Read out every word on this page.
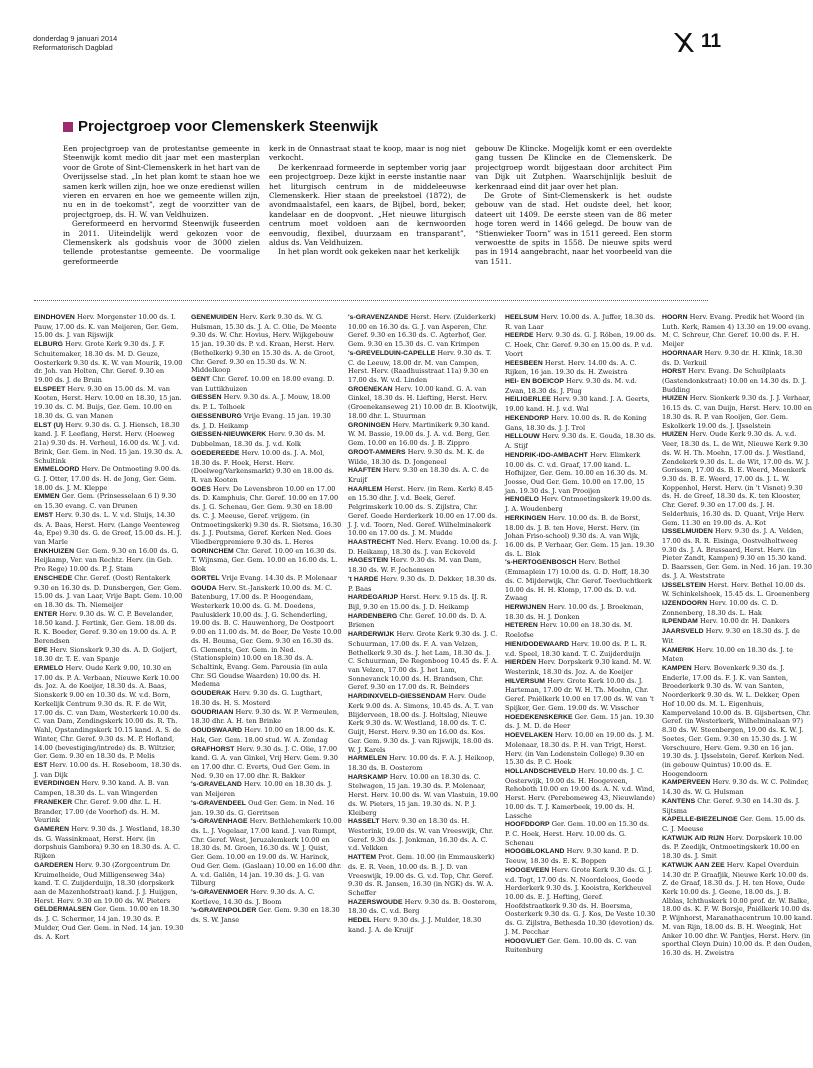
donderdag 9 januari 2014
Reformatorisch Dagblad	11
Projectgroep voor Clemenskerk Steenwijk

Een projectgroep van de protestantse gemeente in Steenwijk komt medio dit jaar met een masterplan voor de Grote of Sint-Clemenskerk in het hart van de Overijsselse stad. „In het plan komt te staan hoe we samen kerk willen zijn, hoe we onze eredienst willen vieren en ervaren en hoe we gemeente willen zijn, nu en in de toekomst”, zegt de voorzitter van de projectgroep, ds. H. W. van Veldhuizen.

Gereformeerd en hervormd Steenwijk fuseerden in 2011. Uiteindelijk werd gekozen voor de Clemenskerk als godshuis voor de 3000 zielen tellende protestantse gemeente. De voormalige gereformeerde

kerk in de Onnastraat staat te koop, maar is nog niet verkocht.

De kerkenraad formeerde in september vorig jaar een projectgroep. Deze kijkt in eerste instantie naar het liturgisch centrum in de middeleeuwse Clemenskerk. Hier staan de preekstoel (1872), de avondmaalstafel, een kaars, de Bijbel, bord, beker, kandelaar en de doopvont. „Het nieuwe liturgisch centrum moet voldoen aan de kernwoorden eenvoudig, flexibel, duurzaam en transparant”, aldus ds. Van Veldhuizen.

In het plan wordt ook gekeken naar het kerkelijk

gebouw De Klincke. Mogelijk komt er een overdekte gang tussen De Klincke en de Clemenskerk. De projectgroep wordt bijgestaan door architect Pim van Dijk uit Zutphen. Waarschijnlijk besluit de kerkenraad eind dit jaar over het plan.

De Grote of Sint-Clemenskerk is het oudste gebouw van de stad. Het oudste deel, het koor, dateert uit 1409. De eerste steen van de 86 meter hoge toren werd in 1466 gelegd. De bouw van de “Stienwieker Toorn” was in 1511 gereed. Een storm verwoestte de spits in 1558. De nieuwe spits werd pas in 1914 aangebracht, naar het voorbeeld van die van 1511.

EINDHOVEN Herv. Morgenster 10.00 ds. I. Pauw, 17.00 ds. K. van Meijeren, Ger. Gem. 15.00 ds. J. van Rijswijk
ELBURG Herv. Grote Kerk 9.30 ds. J. F. Schuitemaker, 18.30 ds. M. D. Geuze, Oosterkerk 9.30 ds. K. W. van Mourik, 19.00 dr. Joh. van Holten, Chr. Geref. 9.30 en 19.00 ds. J. de Bruin
ELSPEET Herv. 9.30 en 15.00 ds. M. van Kooten, Herst. Herv. 10.00 en 18.30, 15 jan. 19.30 ds. C. M. Buijs, Ger. Gem. 10.00 en 18.30 ds. G. van Manen
ELST (U) Herv. 9.30 ds. G. J. Hiensch, 18.30 kand. J. F. Leeflang, Herst. Herv. (Hoeweg 21a) 9.30 ds. H. Verheul, 16.00 ds. W. J. v.d. Brink, Ger. Gem. in Ned. 15 jan. 19.30 ds. A. Schultink
EMMELOORD Herv. De Ontmoeting 9.00 ds. G. J. Otter, 17.00 ds. H. de Jong, Ger. Gem. 18.00 ds. J. M. Kleppe
EMMEN Ger. Gem. (Prinsesselaan 6 I) 9.30 en 15.30 evang. C. van Drunen
EMST Herv. 9.30 ds. L. V. v.d. Sluijs, 14.30 ds. A. Baas, Herst. Herv. (Lange Veenteweg 4a, Epe) 9.30 ds. G. de Greef, 15.00 ds. H. J. van Marle
ENKHUIZEN Ger. Gem. 9.30 en 16.00 ds. G. Heijkamp, Ver. van Rechtz. Herv. (in Geb. Pro Rege) 10.00 ds. P. J. Stam
ENSCHEDE Chr. Geref. (Oost) Rentakerk 9.30 en 16.30 ds. D. Dunsbergen, Ger. Gem. 15.00 ds. J. van Laar, Vrije Bapt. Gem. 10.00 en 18.30 ds. Th. Niemeijer
ENTER Herv. 9.30 ds. W. C. P. Bevelander, 18.50 kand. J. Fertink, Ger. Gem. 18.00 ds. R. K. Boeder, Geref. 9.30 en 19.00 ds. A. P. Berendsen
EPE Herv. Sionskerk 9.30 ds. A. D. Goijert, 18.30 dr. T. E. van Spanje
ERMELO Herv. Oude Kerk 9.00, 10.30 en 17.00 ds. P. A. Verbaan, Nieuwe Kerk 10.00 ds. Joz. A. de Koeijer, 18.30 ds. A. Baas, Sionskerk 9.00 en 10.30 ds. W. v.d. Born, Kerkelijk Centrum 9.30 ds. R. F. de Wit, 17.00 ds. C. van Dam, Westerkerk 10.00 ds. C. van Dam, Zendingskerk 10.00 ds. R. Th. Wahl, Opstandingskerk 10.15 kand. A. S. de Winter, Chr. Geref. 9.30 ds. M. P. Hofland, 14.00 (bevestiging/intrede) ds. B. Wiltzier, Ger. Gem. 9.30 en 18.30 ds. P. Melis
EST Herv. 10.00 ds. H. Roseboom, 18.30 ds. J. van Dijk
EVERDINGEN Herv. 9.30 kand. A. B. van Campen, 18.30 ds. L. van Wingerden
FRANEKER Chr. Geref. 9.00 dhr. L. H. Brander, 17.00 (de Voorhof) ds. H. M. Veurink
GAMEREN Herv. 9.30 ds. J. Westland, 18.30 ds. G. Wassinkmaat, Herst. Herv. (in dorpshuis Gambora) 9.30 en 18.30 ds. A. C. Rijken
GARDEREN Herv. 9.30 (Zorgcentrum Dr. Kruimelheide, Oud Milligenseweg 34a) kand. T. C. Zuijderduijn, 18.30 (dorpskerk aan de Mazenhofstraat) kand. J. J. Huijgen, Herst. Herv. 9.30 en 19.00 ds. W. Pieters
GELDERMALSEN Ger. Gem. 10.00 en 18.30 ds. J. C. Schermer, 14 jan. 19.30 ds. P. Mulder, Oud Ger. Gem. in Ned. 14 jan. 19.30 ds. A. Kort
GENEMUIDEN Herv. Kerk 9.30 ds. W. G. Hulsman, 15.30 ds. J. A. C. Olie, De Meente 9.30 ds. W. Chr. Hovius, Herv. Wijkgebouw 15 jan. 19.30 ds. P. v.d. Kraan, Herst. Herv. (Bethelkerk) 9.30 en 15.30 ds. A. de Groot, Chr. Geref. 9.30 en 15.30 ds. W. N. Middelkoop
GENT Chr. Geref. 10.00 en 18.00 evang. D. van Luttikhuizen
GIESSEN Herv. 9.30 ds. A. J. Mouw, 18.00 ds. P. L. Tolhoek
GIESSENBURG Vrije Evang. 15 jan. 19.30 ds. J. D. Heikamp
GIESSEN-NIEUWKERK Herv. 9.30 ds. M. Dubbelman, 18.30 ds. J. v.d. Kolk
GOEDEREEDE Herv. 10.00 ds. J. A. Mol, 18.30 ds. F. Hoek, Herst. Herv. (Doelweg/Varkensmarkt) 9.30 en 18.00 ds. R. van Kooten
GOES Herv. De Levensbron 10.00 en 17.00 ds. D. Kamphuis, Chr. Geref. 10.00 en 17.00 ds. J. G. Schenau, Ger. Gem. 9.30 en 18.00 ds. C. J. Meeuse, Geref. vrijgem. (in Ontmoetingskerk) 9.30 ds. R. Sietsma, 16.30 ds. J. J. Poutsma, Geref. Kerken Ned. Goes Vliedbergpremiere 9.30 ds. L. Heres
GORINCHEM Chr. Geref. 10.00 en 16.30 ds. T. Wijnsma, Ger. Gem. 10.00 en 16.00 ds. L. Blok
GORTEL Vrije Evang. 14.30 ds. P. Molenaar
GOUDA Herv. St.-Janskerk 10.00 ds. M. C. Batenburg, 17.00 ds. P. Hoogendam, Westerkerk 10.00 ds. G. M. Doedens, Paulusklerk 10.00 ds. J. G. Schenderling, 19.00 ds. B. C. Hauwenhorg, De Oostpoort 9.00 en 11.00 ds. M. de Boer, De Veste 10.00 ds. H. Bouma, Ger. Gem. 9.30 en 16.30 ds. G. Clements, Ger. Gem. in Ned. (Stationsplein) 10.00 en 18.30 ds. A. Schaltink, Evang. Gem. Parousia (in aula Chr. SG Goudse Waarden) 10.00 ds. H. Medema
GOUDERAK Herv. 9.30 ds. G. Lugthart, 18.30 ds. H. S. Mosterd
GOUDRIAAN Herv. 9.30 ds. W. P. Vermeulen, 18.30 dhr. A. H. ten Brinke
GOUDSWAARD Herv. 10.00 en 18.00 ds. K. Hak, Ger. Gem. 18.00 stud. W. A. Zondag
GRAFHORST Herv. 9.30 ds. J. C. Olie, 17.00 kand. G. A. van Ginkel, Vrij Herv. Gem. 9.30 en 17.00 dhr. C. Everts, Oud Ger. Gem. in Ned. 9.30 en 17.00 dhr. R. Bakker
's-GRAVELAND Herv. 10.00 en 18.30 ds. J. van Meijeren
's-GRAVENDEEL Oud Ger. Gem. in Ned. 16 jan. 19.30 ds. G. Gerritsen
's-GRAVENHAGE Herv. Bethlehemkerk 10.00 ds. L. J. Vogelaar, 17.00 kand. J. van Rumpt, Chr. Geref. West, Jeruzalemkerk 10.00 en 18.30 ds. M. Groen, 16.30 ds. W. J. Quist, Ger. Gem. 10.00 en 19.00 ds. W. Harinck, Oud Ger. Gem. (Gaslaan) 10.00 en 16.00 dhr. A. v.d. Galiën, 14 jan. 19.30 ds. J. G. van Tilburg
's-GRAVENMOER Herv. 9.30 ds. A. C. Kortleve, 14.30 ds. J. Boom
's-GRAVENPOLDER Ger. Gem. 9.30 en 18.30 ds. S. W. Janse
's-GRAVENZANDE Herst. Herv. (Zuiderkerk) 10.00 en 16.30 ds. G. J. van Asperen, Chr. Geref. 9.30 en 16.30 ds. C. Agterhof, Ger. Gem. 9.30 en 15.30 ds. C. van Krimpen
's-GREVELDUIN-CAPELLE Herv. 9.30 ds. T. C. de Leeuw, 18.00 dr. M. van Campen, Herst. Herv. (Raadhuisstraat 11a) 9.30 en 17.00 ds. W. v.d. Linden
GROENEKAN Herv. 10.00 kand. G. A. van Ginkel, 18.30 ds. H. Liefting, Herst. Herv. (Groenekanseweg 21) 10.00 dr. B. Klootwijk, 18.00 dhr. L. Stuurman
GRONINGEN Herv. Martinikerk 9.30 kand. W. M. Bassie, 19.00 ds. J. A. v.d. Berg, Ger. Gem. 10.00 en 16.00 ds. J. B. Zippro
GROOT-AMMERS Herv. 9.30 ds. M. K. de Wilde, 18.30 ds. D. Jongeneel
HAAFTEN Herv. 9.30 en 18.30 ds. A. C. de Kruijf
HAARLEM Herst. Herv. (in Rem. Kerk) 8.45 en 15.30 dhr. J. v.d. Beek, Geref. Pelgrimskerk 10.00 ds. S. Zijlstra, Chr. Geref. Goede Herderkerk 10.00 en 17.00 ds. J. J. v.d. Toorn, Ned. Geref. Wilhelminakerk 10.00 en 17.00 ds. J. M. Mudde
HAASTRECHT Ned. Herv. Evang. 10.00 ds. J. D. Heikamp, 18.30 ds. J. van Eckeveld
HAGESTEIN Herv. 9.30 ds. M. van Dam, 18.30 ds. W. F. Jochemsen
't HARDE Herv. 9.30 ds. D. Dekker, 18.30 ds. P. Baas
HARDEGARIJP Herst. Herv. 9.15 ds. IJ. R. Bijl, 9.30 en 15.00 ds. J. D. Heikamp
HARDENBERG Chr. Geref. 10.00 ds. D. A. Brienen
HARDERWIJK Herv. Grote Kerk 9.30 ds. J. C. Schuurman, 17.00 ds. F. A. van Velzen, Bethelkerk 9.30 ds. J. het Lam, 18.30 ds. J. C. Schuurman, De Regenboog 10.45 ds. F. A. van Velzen, 17.00 ds. J. het Lam, Sonnevanck 10.00 ds. H. Brandsen, Chr. Geref. 9.30 en 17.00 ds. R. Beinders
HARDINXVELD-GIESSENDAM Herv. Oude Kerk 9.00 ds. A. Simons, 10.45 ds. A. T. van Blijderveen, 18.00 ds. J. Holtslag, Nieuwe Kerk 9.30 ds. W. Westland, 18.00 ds. T. C. Guijt, Herst. Herv. 9.30 en 16.00 ds. Kos. Ger. Gem. 9.30 ds. J. van Rijswijk, 18.00 ds. W. J. Karels
HARMELEN Herv. 10.00 ds. F. A. J. Heikoop, 18.30 ds. B. Oosterom
HARSKAMP Herv. 10.00 en 18.30 ds. C. Stelwagen, 15 jan. 19.30 ds. P. Molenaar, Herst. Herv. 10.00 ds. W. van Vlastuin, 19.00 ds. W. Pieters, 15 jan. 19.30 ds. N. P. J. Kleiberg
HASSELT Herv. 9.30 en 18.30 ds. H. Westerink, 19.00 ds. W. van Vreeswijk, Chr. Geref. 9.30 ds. J. Jonkman, 16.30 ds. A. C. v.d. Velkken
HATTEM Prot. Gem. 10.00 (in Emmauskerk) ds. E. R. Veen, 10.00 ds. B. J. D. van Vreeswijk, 19.00 ds. G. v.d. Top, Chr. Geref. 9.30 ds. R. Jansen, 16.30 (in NGK) ds. W. A. Scheffer
HAZERSWOUDE Herv. 9.30 ds. B. Oosterom, 18.30 ds. C. v.d. Berg
HEDEL Herv. 9.30 ds. J. J. Mulder, 18.30 kand. J. A. de Kruijf
HEELSUM Herv. 10.00 ds. A. Juffer, 18.30 ds. R. van Laar
HEERDE Herv. 9.30 ds. G. J. Röben, 19.00 ds. C. Hoek, Chr. Geref. 9.30 en 15.00 ds. P. v.d. Voort
HEESBEEN Herst. Herv. 14.00 ds. A. C. Rijken, 16 jan. 19.30 ds. H. Zweistra
HEI- EN BOEICOP Herv. 9.30 ds. M. v.d. Zwan, 18.30 ds. J. Plug
HEILIGERLEE Herv. 9.30 kand. J. A. Geerts, 19.00 kand. H. J. v.d. Wal
HEKENDORP Herv. 10.00 ds. R. de Koning Gans, 18.30 ds. J. J. Trol
HELLOUW Herv. 9.30 ds. E. Gouda, 18.30 ds. A. Stijf
HENDRIK-IDO-AMBACHT Herv. Elimkerk 10.00 ds. C. v.d. Graaf, 17.00 kand. L. Hofhijzer, Ger. Gem. 10.00 en 16.30 ds. M. Joosse, Oud Ger. Gem. 10.00 en 17.00, 15 jan. 19.30 ds. J. van Prooijen
HENGELO Herv. Ontmoetingskerk 19.00 ds. J. A. Woudenberg
HERKINGEN Herv. 10.00 ds. B. de Borst, 18.00 ds. J. B. ten Hove, Herst. Herv. (in Johan Friso-school) 9.30 ds. A. van Wijk, 16.00 ds. P. Verhaar, Ger. Gem. 15 jan. 19.30 ds. L. Blok
's-HERTOGENBOSCH Herv. Bethel (Emmaplein 17) 10.00 ds. G. D. Hoff, 18.30 ds. C. Mijderwijk, Chr. Geref. Toevluchtkerk 10.00 ds. H. H. Klomp, 17.00 ds. D. v.d. Zwaag
HERWIJNEN Herv. 10.00 ds. J. Broekman, 18.30 ds. H. J. Donken
HETEREN Herv. 10.00 en 18.30 ds. M. Roelofse
HIEN/DODEWAARD Herv. 10.00 ds. P. L. R. v.d. Speel, 18.30 kand. T. C. Zuijderduijn
HIERDEN Herv. Dorpskerk 9.30 kand. M. W. Westerink, 18.30 ds. Joz. A. de Koeijer
HILVERSUM Herv. Grote Kerk 10.00 ds. J. Harteman, 17.00 dr. W. H. Th. Moehn, Chr. Geref. Pniëlkerk 10.00 en 17.00 ds. W. van 't Spijker, Ger. Gem. 19.00 ds. W. Visscher
HOEDEKENSKERKE Ger. Gem. 15 jan. 19.30 ds. J. M. D. de Heer
HOEVELAKEN Herv. 10.00 en 19.00 ds. J. M. Molenaar, 18.30 ds. P. H. van Trigt, Herst. Herv. (in Van Lodenstein College) 9.30 en 15.30 ds. P. C. Hoek
HOLLANDSCHEVELD Herv. 10.00 ds. J. C. Oosterwijk, 19.00 ds. H. Hoogeveen, Rehoboth 10.00 en 19.00 ds. A. N. v.d. Wind, Herst. Herv. (Perebomeweg 43, Nieuwlande) 10.00 ds. T. J. Kamerbeek, 19.00 ds. H. Lassche
HOOFDDORP Ger. Gem. 10.00 en 15.30 ds. P. C. Hoek, Herst. Herv. 10.00 ds. G. Schenau
HOOGBLOKLAND Herv. 9.30 kand. P. D. Teeuw, 18.30 ds. E. K. Boppen
HOOGEVEEN Herv. Grote Kerk 9.30 ds. G. J. v.d. Togt, 17.00 ds. N. Noordeloos, Goede Herderkerk 9.30 ds. J. Kooistra, Kerkheuvel 10.00 ds. E. J. Hefting, Geref. Hoofdstraatkerk 9.30 ds. H. Boersma, Oosterkerk 9.30 ds. G. J. Kos, De Veste 10.30 ds. G. Zijlstra, Bethesda 10.30 (devotion) ds. J. M. Pecchar
HOOGVLIET Ger. Gem. 10.00 ds. C. van Ruitenburg
HOORN Herv. Evang. Predik het Woord (in Luth. Kerk, Ramen 4) 13.30 en 19.00 evang. M. C. Schreur, Chr. Geref. 10.00 ds. F. H. Meijer
HOORNAAR Herv. 9.30 dr. H. Klink, 18.30 ds. D. Verkuil
HORST Herv. Evang. De Schuilplaats (Gastendonkstraat) 10.00 en 14.30 ds. D. J. Budding
HUIZEN Herv. Sionkerk 9.30 ds. J. J. Verhaar, 16.15 ds. C. van Duijn, Herst. Herv. 10.00 en 18.30 ds. R. P. van Rooijen, Ger. Gem. Eskolkerk 19.00 ds. J. IJsselstein
HUIZEN Herv. Oude Kerk 9.30 ds. A. v.d. Veer, 18.30 ds. L. de Wit, Nieuwe Kerk 9.30 ds. W. H. Th. Moehn, 17.00 ds. J. Westland, Zendekerk 9.30 ds. L. de Wit, 17.00 ds. W. J. Gorissen, 17.00 ds. B. E. Weerd, Meenkerk 9.30 ds. B. E. Weerd, 17.00 ds. J. L. W. Koppenhol, Herst. Herv. (in 't Visnet) 9.30 ds. H. de Greef, 18.30 ds. K. ten Klooster, Chr. Geref. 9.30 en 17.00 ds. J. H. Selderhuis, 16.30 ds. D. Quant, Vrije Herv. Gem. 11.30 en 19.00 ds. A. Kot
IJSSELMUIDEN Herv. 9.30 ds. J. A. Velden, 17.00 ds. R. R. Eisinga, Oostvelholtweeg 9.30 ds. J. A. Brussaard, Herst. Herv. (in Pieter Zandt, Kampen) 9.30 en 15.30 kand. D. Baarssen, Ger. Gem. in Ned. 16 jan. 19.30 ds. J. A. Weststrate
IJSSELSTEIN Herst. Herv. Bethel 10.00 ds. W. Schinkelshoek, 15.45 ds. L. Groenenberg
IJZENDOORN Herv. 10.00 ds. C. D. Zonnenberg, 18.30 ds. L. Hak
ILPENDAM Herv. 10.00 dr. H. Dankers
JAARSVELD Herv. 9.30 en 18.30 ds. J. de Wit
KAMERIK Herv. 10.00 en 18.30 ds. J. te Maten
KAMPEN Herv. Bovenkerk 9.30 ds. J. Enderle, 17.00 ds. F. J. K. van Santen, Broederkerk 9.30 ds. W. van Santen, Noorderkerk 9.30 ds. W. L. Dekker, Open Hof 10.00 ds. M. L. Eigenhuis, Kamperveland 10.00 ds. B. Gijsbertsen, Chr. Geref. (in Westerkerk, Wilhelminalaan 97) 8.30 ds. W. Steenbergen, 19.00 ds. K. W. J. Soetes, Ger. Gem. 9.30 en 15.30 ds. J. W. Verschuure, Herv. Gem. 9.30 en 16 jan. 19.30 ds. J. IJsselstein, Geref. Kerken Ned. (in gebouw Quintus) 10.00 ds. E. Hoogendoorn
KAMPERVEEN Herv. 9.30 ds. W. C. Polinder, 14.30 ds. W. G. Hulsman
KANTENS Chr. Geref. 9.30 en 14.30 ds. J. Sijtsma
KAPELLE-BIEZELINGE Ger. Gem. 15.00 ds. C. J. Meeuse
KATWIJK A/D RIJN Herv. Dorpskerk 10.00 ds. P. Zeedijk, Ontmoetingskerk 10.00 en 18.30 ds. J. Smit
KATWIJK AAN ZEE Herv. Kapel Overduin 14.30 dr. P. Graafjik, Nieuwe Kerk 10.00 ds. Z. de Graaf, 18.30 ds. J. H. ten Hove, Oude Kerk 10.00 ds. J. Geene, 18.00 ds. J. B. Alblas, Ichthuskerk 10.00 prof. dr. W. Balke, 18.00 ds. K. F. W. Borsje, Pniëlkerk 10.00 ds. P. Wijnhorst, Maranathacentrum 10.00 kand. M. van Rijn, 18.00 ds. B. H. Weegink, Het Anker 10.00 dhr. W. Pantjes, Herst. Herv. (in sporthal Cleyn Duin) 10.00 ds. P. den Ouden, 16.30 ds. H. Zweistra
